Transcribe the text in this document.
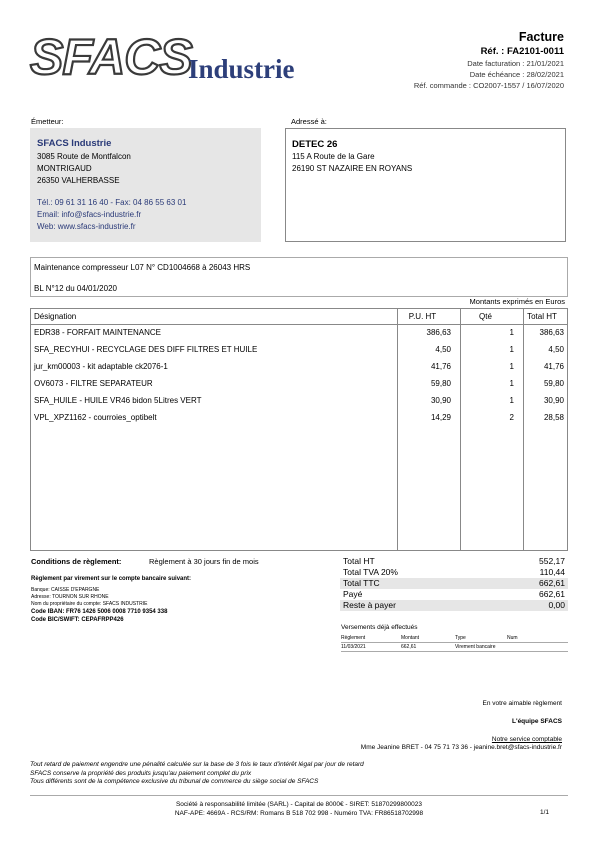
SFACS
Industrie
Facture
Réf. : FA2101-0011
Date facturation : 21/01/2021
Date échéance : 28/02/2021
Réf. commande : CO2007-1557 / 16/07/2020
Émetteur:	Adressé à:
SFACS Industrie
3085 Route de Montfalcon
MONTRIGAUD
26350 VALHERBASSE
Tél.: 09 61 31 16 40 - Fax: 04 86 55 63 01
Email: info@sfacs-industrie.fr
Web: www.sfacs-industrie.fr
DETEC 26
115 A Route de la Gare
26190 ST NAZAIRE EN ROYANS
Maintenance compresseur L07 N° CD1004668 à 26043 HRS
BL N°12 du 04/01/2020
Montants exprimés en Euros
Désignation	P.U. HT	Qté	Total HT
EDR38 - FORFAIT MAINTENANCE	386,63	1	386,63
SFA_RECYHUI - RECYCLAGE DES DIFF FILTRES ET HUILE	4,50	1	4,50
jur_km00003 - kit adaptable ck2076-1	41,76	1	41,76
OV6073 - FILTRE SEPARATEUR	59,80	1	59,80
SFA_HUILE - HUILE VR46 bidon 5Litres VERT	30,90	1	30,90
VPL_XPZ1162 - courroies_optibelt	14,29	2	28,58
Conditions de règlement:	Règlement à 30 jours fin de mois
Règlement par virement sur le compte bancaire suivant:
Banque: CAISSE D'EPARGNE
Adresse: TOURNON SUR RHONE
Nom du propriétaire du compte: SFACS INDUSTRIE
Code IBAN: FR76 1426 5006 0008 7710 9354 338
Code BIC/SWIFT: CEPAFRPP426
Total HT	552,17
Total TVA 20%	110,44
Total TTC	662,61
Payé	662,61
Reste à payer	0,00
Versements déjà effectués
Règlement	Montant	Type	Num
11/03/2021	662,61	Virement bancaire
En votre aimable règlement
L'équipe SFACS
Notre service comptable
Mme Jeanine BRET - 04 75 71 73 36 - jeanine.bret@sfacs-industrie.fr
Tout retard de paiement engendre une pénalité calculée sur la base de 3 fois le taux d'intérêt légal par jour de retard
SFACS conserve la propriété des produits jusqu'au paiement complet du prix
Tous différents sont de la compétence exclusive du tribunal de commerce du siège social de SFACS
Société à responsabilité limitée (SARL) - Capital de 8000€ - SIRET: 51870299800023
NAF-APE: 4669A - RCS/RM: Romans B 518 702 998 - Numéro TVA: FR86518702998	1/1
